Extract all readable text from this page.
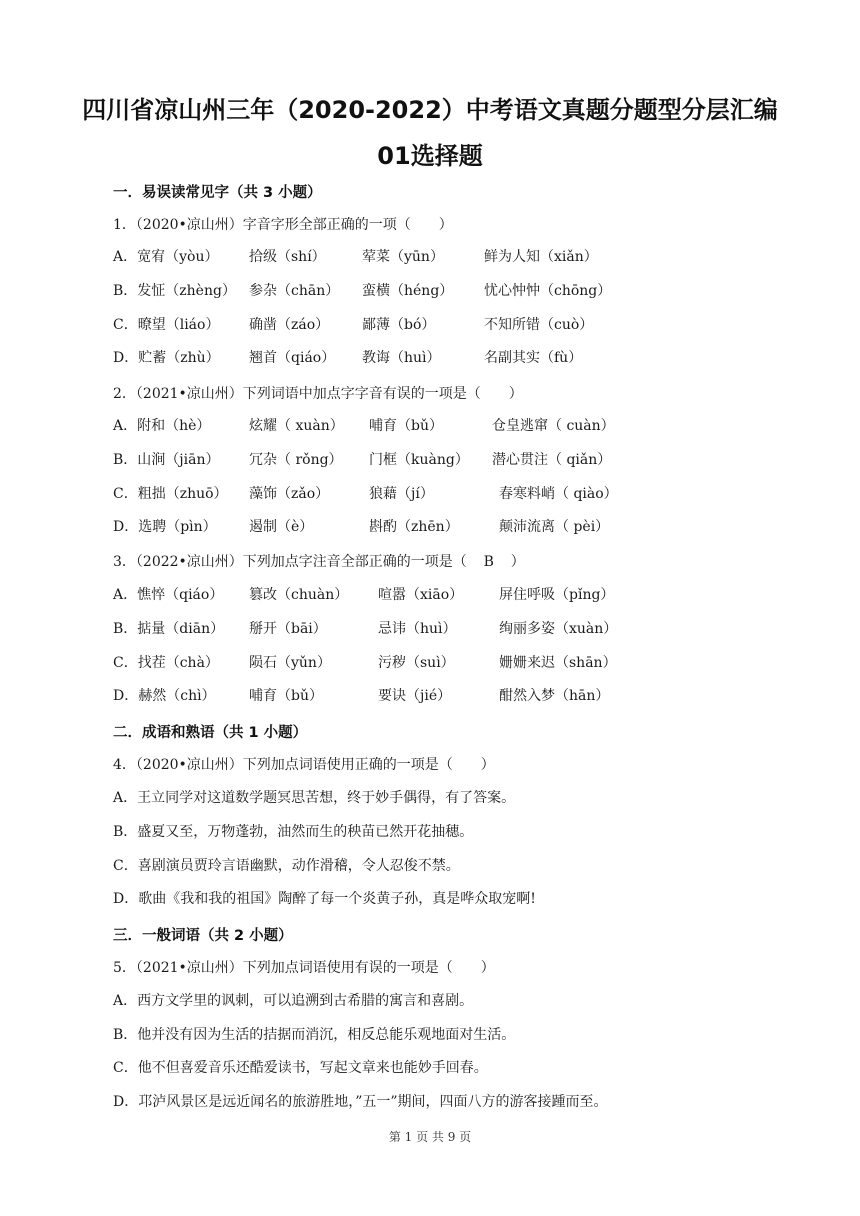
四川省凉山州三年（2020-2022）中考语文真题分题型分层汇编
01选择题
一．易误读常见字（共 3 小题）
1．（2020•凉山州）字音字形全部正确的一项（　　）
A．宽宥（yòu） 拾级（shí）	荤菜（yūn）	鲜为人知（xiǎn）
B．发怔（zhèng） 参杂（chān） 蛮横（héng） 忧心忡忡（chōng）
C．暸望（liáo） 确凿（záo） 鄙薄（bó）	不知所错（cuò）
D．贮蓄（zhù） 翘首（qiáo） 教诲（huì）	名副其实（fù）
2．（2021•凉山州）下列词语中加点字字音有误的一项是（　　）
A．附和（hè）	炫耀（ xuàn） 哺育（bǔ）	仓皇逃窜（ cuàn）
B．山涧（jiān） 冗杂（ rǒng） 门框（kuàng） 潜心贯注（ qiǎn）
C．粗拙（zhuō） 藻饰（zǎo）	狼藉（jí）	春寒料峭（ qiào）
D．选聘（pìn） 遏制（è）	斟酌（zhēn）	颠沛流离（ pèi）
3．（2022•凉山州）下列加点字注音全部正确的一项是（ B ）
A．憔悴（qiáo） 篡改（chuàn） 喧嚣（xiāo）	屏住呼吸（pǐng）
B．掂量（diān） 掰开（bāi）	忌讳（huì）	绚丽多姿（xuàn）
C．找茬（chà） 陨石（yǔn）	污秽（suì）	姗姗来迟（shān）
D．赫然（chì） 哺育（bǔ）	要诀（jié）	酣然入梦（hān）
二．成语和熟语（共 1 小题）
4．（2020•凉山州）下列加点词语使用正确的一项是（　　）
A．王立同学对这道数学题冥思苦想，终于妙手偶得，有了答案。
B．盛夏又至，万物蓬勃，油然而生的秧苗已然开花抽穗。
C．喜剧演员贾玲言语幽默，动作滑稽，令人忍俊不禁。
D．歌曲《我和我的祖国》陶醉了每一个炎黄子孙，真是哗众取宠啊!
三．一般词语（共 2 小题）
5．（2021•凉山州）下列加点词语使用有误的一项是（　　）
A．西方文学里的讽刺，可以追溯到古希腊的寓言和喜剧。
B．他并没有因为生活的拮据而消沉，相反总能乐观地面对生活。
C．他不但喜爱音乐还酷爱读书，写起文章来也能妙手回春。
D．邛泸风景区是远近闻名的旅游胜地，”五一”期间，四面八方的游客接踵而至。
第 1 页 共 9 页
